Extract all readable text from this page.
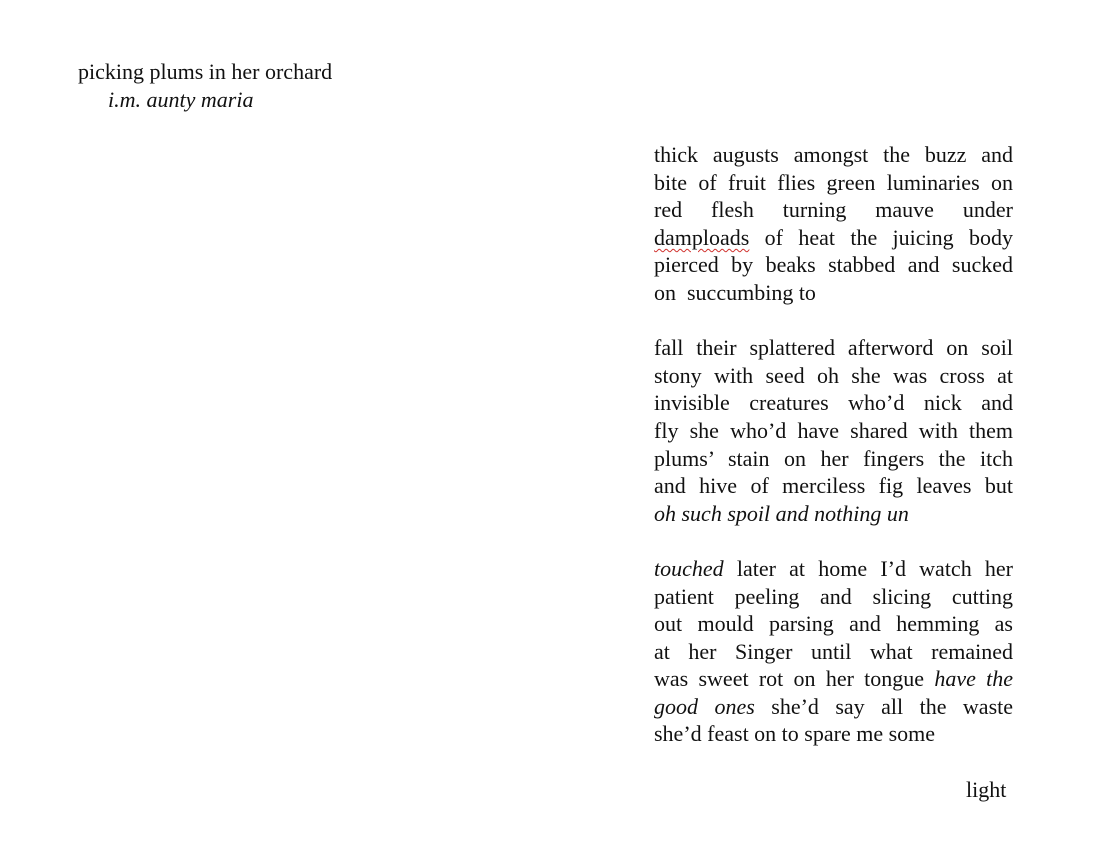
picking plums in her orchard
i.m. aunty maria
thick augusts amongst the buzz and
bite of fruit flies green luminaries on
red flesh turning mauve under
damploads of heat the juicing body
pierced by beaks stabbed and sucked
on  succumbing to
fall their splattered afterword on soil
stony with seed oh she was cross at
invisible creatures who’d nick and
fly she who’d have shared with them
plums’ stain on her fingers the itch
and hive of merciless fig leaves but
oh such spoil and nothing un
touched later at home I’d watch her
patient peeling and slicing cutting
out mould parsing and hemming as
at her Singer until what remained
was sweet rot on her tongue have the
good ones she’d say all the waste
she’d feast on to spare me some
light
